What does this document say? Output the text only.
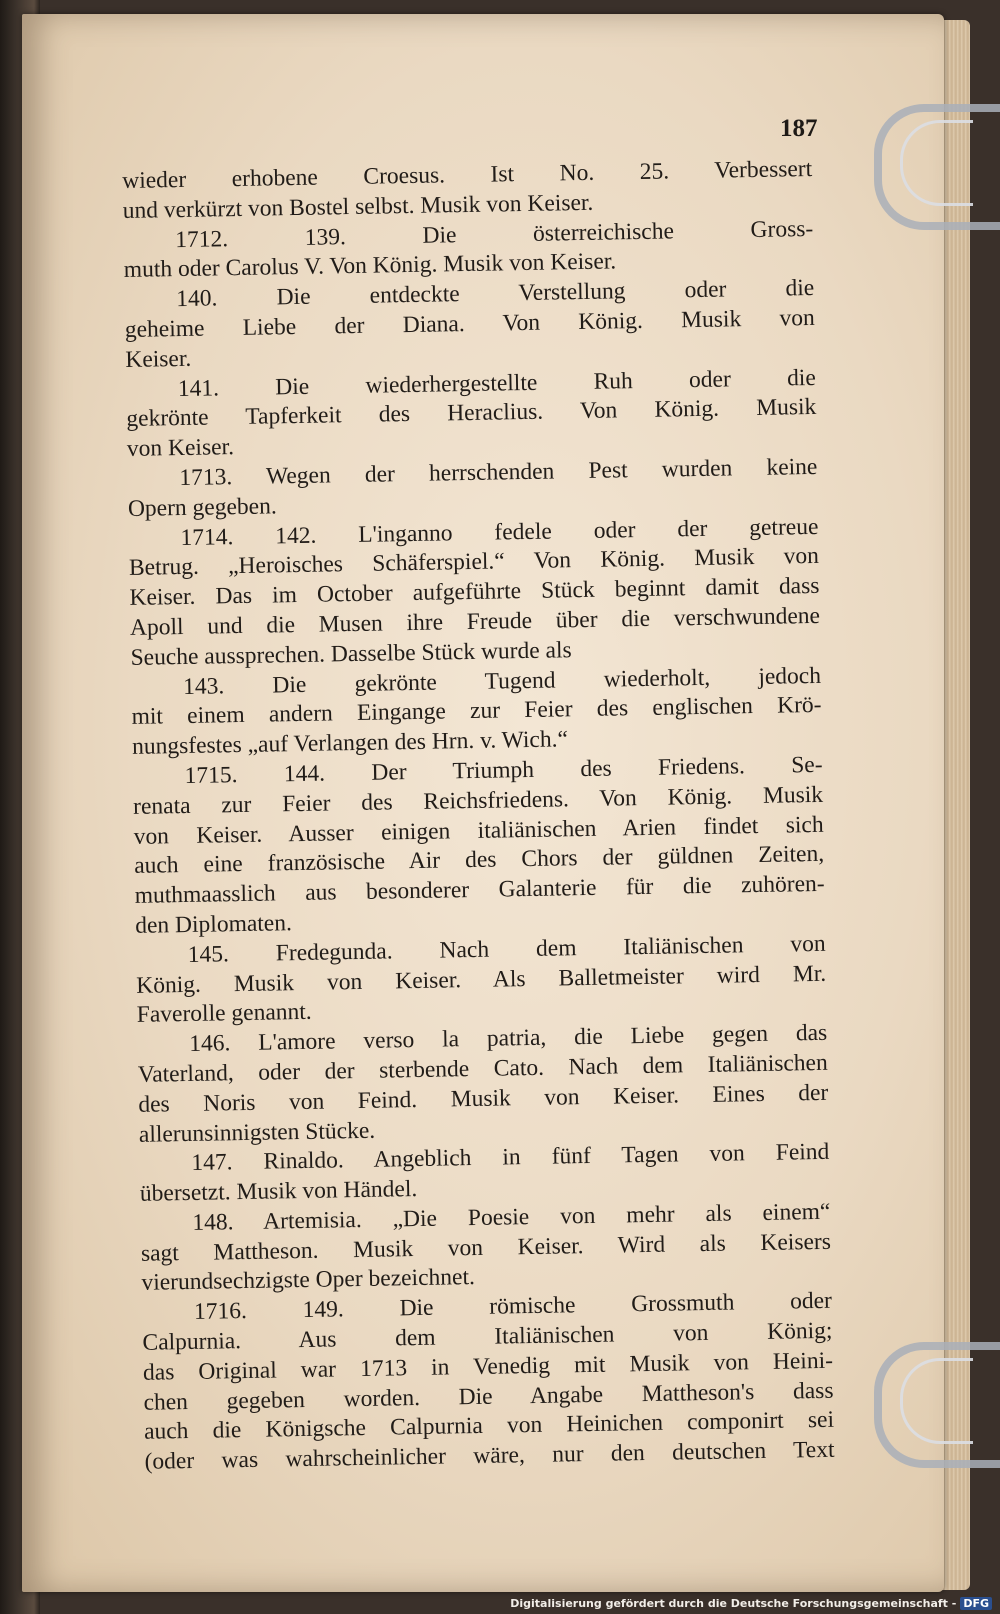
187
wieder erhobene Croesus. Ist No. 25. Verbessert
und verkürzt von Bostel selbst. Musik von Keiser.
1712. 139. Die österreichische Gross-
muth oder Carolus V. Von König. Musik von Keiser.
140. Die entdeckte Verstellung oder die
geheime Liebe der Diana. Von König. Musik von
Keiser.
141. Die wiederhergestellte Ruh oder die
gekrönte Tapferkeit des Heraclius. Von König. Musik
von Keiser.
1713. Wegen der herrschenden Pest wurden keine
Opern gegeben.
1714. 142. L'inganno fedele oder der getreue
Betrug. „Heroisches Schäferspiel.“ Von König. Musik von
Keiser. Das im October aufgeführte Stück beginnt damit dass
Apoll und die Musen ihre Freude über die verschwundene
Seuche aussprechen. Dasselbe Stück wurde als
143. Die gekrönte Tugend wiederholt, jedoch
mit einem andern Eingange zur Feier des englischen Krö-
nungsfestes „auf Verlangen des Hrn. v. Wich.“
1715. 144. Der Triumph des Friedens. Se-
renata zur Feier des Reichsfriedens. Von König. Musik
von Keiser. Ausser einigen italiänischen Arien findet sich
auch eine französische Air des Chors der güldnen Zeiten,
muthmaasslich aus besonderer Galanterie für die zuhören-
den Diplomaten.
145. Fredegunda. Nach dem Italiänischen von
König. Musik von Keiser. Als Balletmeister wird Mr.
Faverolle genannt.
146. L'amore verso la patria, die Liebe gegen das
Vaterland, oder der sterbende Cato. Nach dem Italiänischen
des Noris von Feind. Musik von Keiser. Eines der
allerunsinnigsten Stücke.
147. Rinaldo. Angeblich in fünf Tagen von Feind
übersetzt. Musik von Händel.
148. Artemisia. „Die Poesie von mehr als einem“
sagt Mattheson. Musik von Keiser. Wird als Keisers
vierundsechzigste Oper bezeichnet.
1716. 149. Die römische Grossmuth oder
Calpurnia. Aus dem Italiänischen von König;
das Original war 1713 in Venedig mit Musik von Heini-
chen gegeben worden. Die Angabe Mattheson's dass
auch die Königsche Calpurnia von Heinichen componirt sei
(oder was wahrscheinlicher wäre, nur den deutschen Text
Digitalisierung gefördert durch die Deutsche Forschungsgemeinschaft - DFG
